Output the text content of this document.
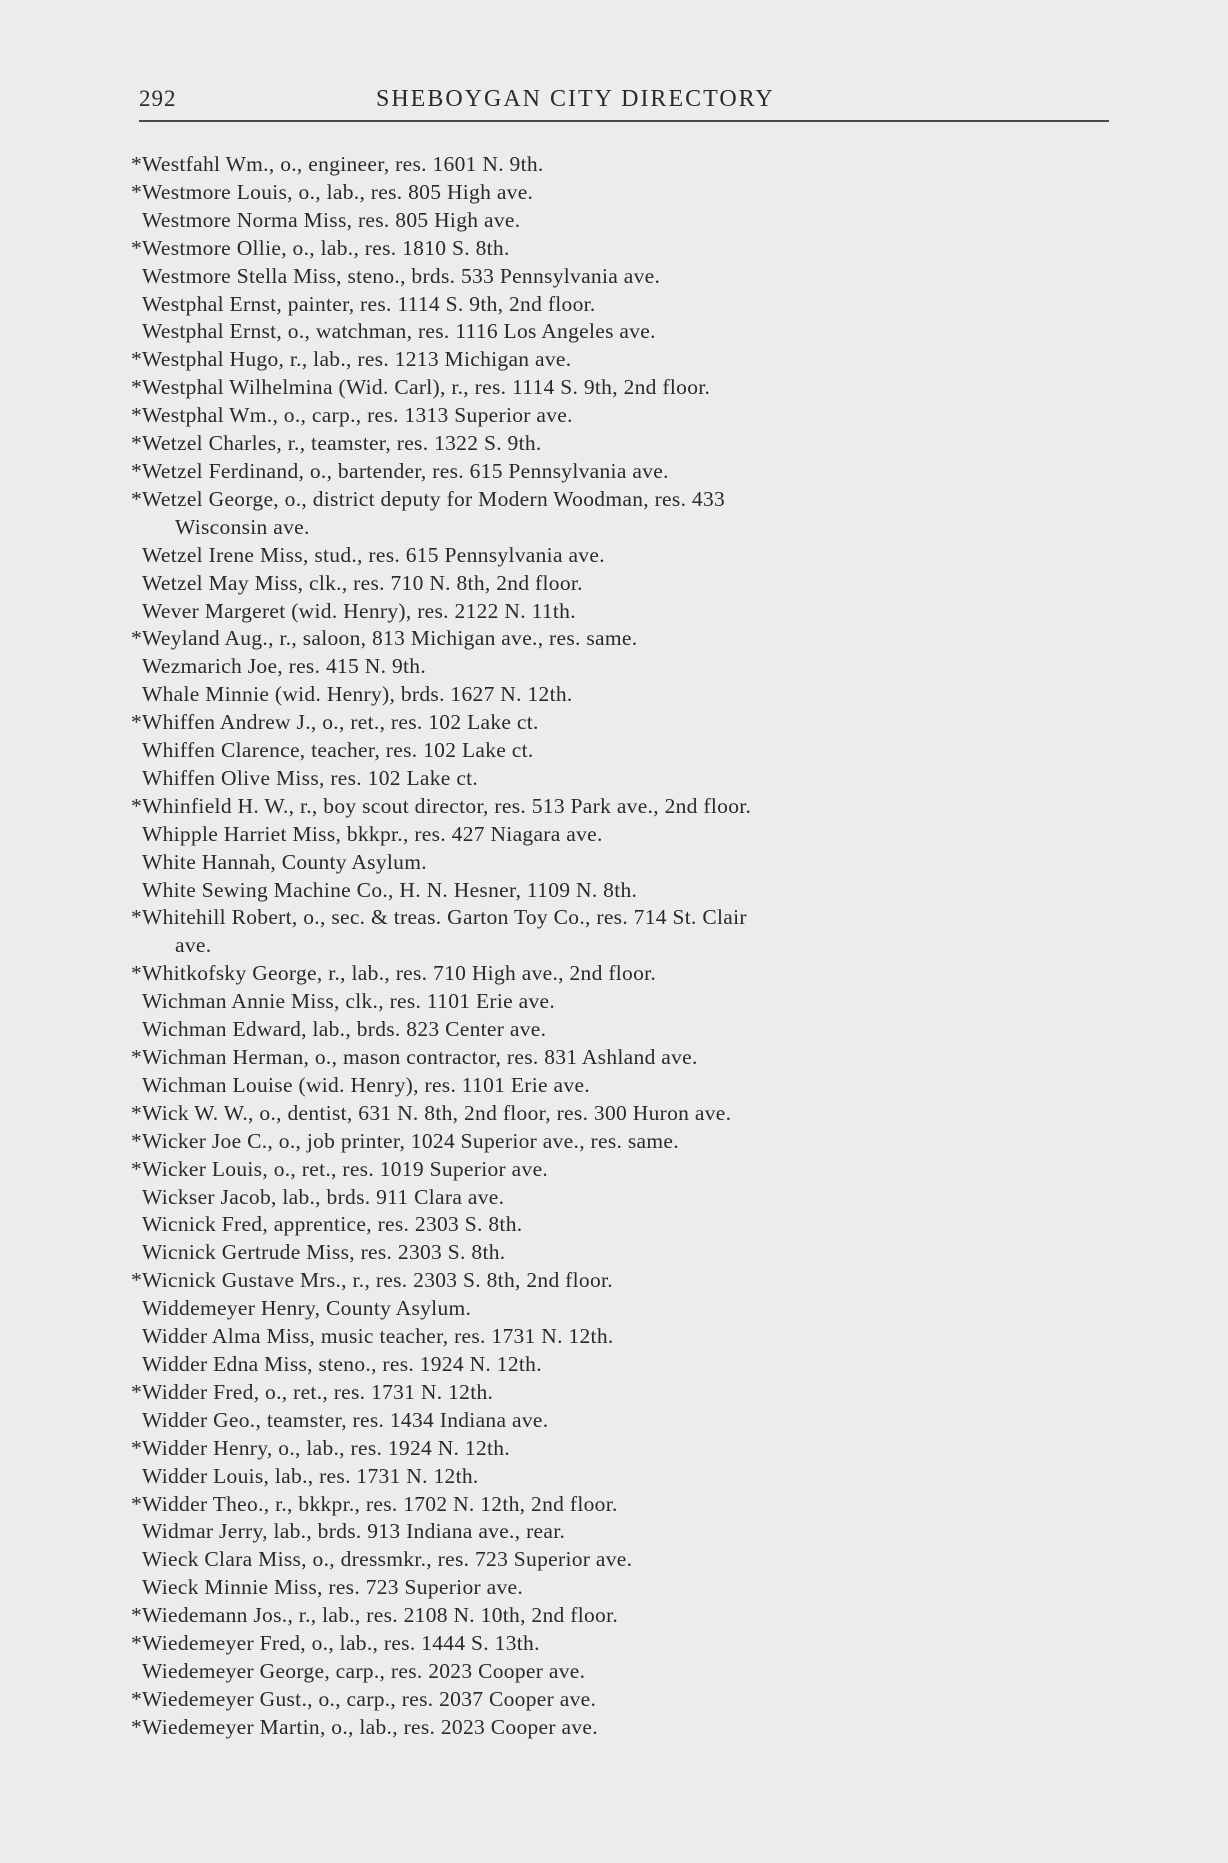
292	SHEBOYGAN CITY DIRECTORY
*Westfahl Wm., o., engineer, res. 1601 N. 9th.
*Westmore Louis, o., lab., res. 805 High ave.
Westmore Norma Miss, res. 805 High ave.
*Westmore Ollie, o., lab., res. 1810 S. 8th.
Westmore Stella Miss, steno., brds. 533 Pennsylvania ave.
Westphal Ernst, painter, res. 1114 S. 9th, 2nd floor.
Westphal Ernst, o., watchman, res. 1116 Los Angeles ave.
*Westphal Hugo, r., lab., res. 1213 Michigan ave.
*Westphal Wilhelmina (Wid. Carl), r., res. 1114 S. 9th, 2nd floor.
*Westphal Wm., o., carp., res. 1313 Superior ave.
*Wetzel Charles, r., teamster, res. 1322 S. 9th.
*Wetzel Ferdinand, o., bartender, res. 615 Pennsylvania ave.
*Wetzel George, o., district deputy for Modern Woodman, res. 433
Wisconsin ave.
Wetzel Irene Miss, stud., res. 615 Pennsylvania ave.
Wetzel May Miss, clk., res. 710 N. 8th, 2nd floor.
Wever Margeret (wid. Henry), res. 2122 N. 11th.
*Weyland Aug., r., saloon, 813 Michigan ave., res. same.
Wezmarich Joe, res. 415 N. 9th.
Whale Minnie (wid. Henry), brds. 1627 N. 12th.
*Whiffen Andrew J., o., ret., res. 102 Lake ct.
Whiffen Clarence, teacher, res. 102 Lake ct.
Whiffen Olive Miss, res. 102 Lake ct.
*Whinfield H. W., r., boy scout director, res. 513 Park ave., 2nd floor.
Whipple Harriet Miss, bkkpr., res. 427 Niagara ave.
White Hannah, County Asylum.
White Sewing Machine Co., H. N. Hesner, 1109 N. 8th.
*Whitehill Robert, o., sec. & treas. Garton Toy Co., res. 714 St. Clair
ave.
*Whitkofsky George, r., lab., res. 710 High ave., 2nd floor.
Wichman Annie Miss, clk., res. 1101 Erie ave.
Wichman Edward, lab., brds. 823 Center ave.
*Wichman Herman, o., mason contractor, res. 831 Ashland ave.
Wichman Louise (wid. Henry), res. 1101 Erie ave.
*Wick W. W., o., dentist, 631 N. 8th, 2nd floor, res. 300 Huron ave.
*Wicker Joe C., o., job printer, 1024 Superior ave., res. same.
*Wicker Louis, o., ret., res. 1019 Superior ave.
Wickser Jacob, lab., brds. 911 Clara ave.
Wicnick Fred, apprentice, res. 2303 S. 8th.
Wicnick Gertrude Miss, res. 2303 S. 8th.
*Wicnick Gustave Mrs., r., res. 2303 S. 8th, 2nd floor.
Widdemeyer Henry, County Asylum.
Widder Alma Miss, music teacher, res. 1731 N. 12th.
Widder Edna Miss, steno., res. 1924 N. 12th.
*Widder Fred, o., ret., res. 1731 N. 12th.
Widder Geo., teamster, res. 1434 Indiana ave.
*Widder Henry, o., lab., res. 1924 N. 12th.
Widder Louis, lab., res. 1731 N. 12th.
*Widder Theo., r., bkkpr., res. 1702 N. 12th, 2nd floor.
Widmar Jerry, lab., brds. 913 Indiana ave., rear.
Wieck Clara Miss, o., dressmkr., res. 723 Superior ave.
Wieck Minnie Miss, res. 723 Superior ave.
*Wiedemann Jos., r., lab., res. 2108 N. 10th, 2nd floor.
*Wiedemeyer Fred, o., lab., res. 1444 S. 13th.
Wiedemeyer George, carp., res. 2023 Cooper ave.
*Wiedemeyer Gust., o., carp., res. 2037 Cooper ave.
*Wiedemeyer Martin, o., lab., res. 2023 Cooper ave.
